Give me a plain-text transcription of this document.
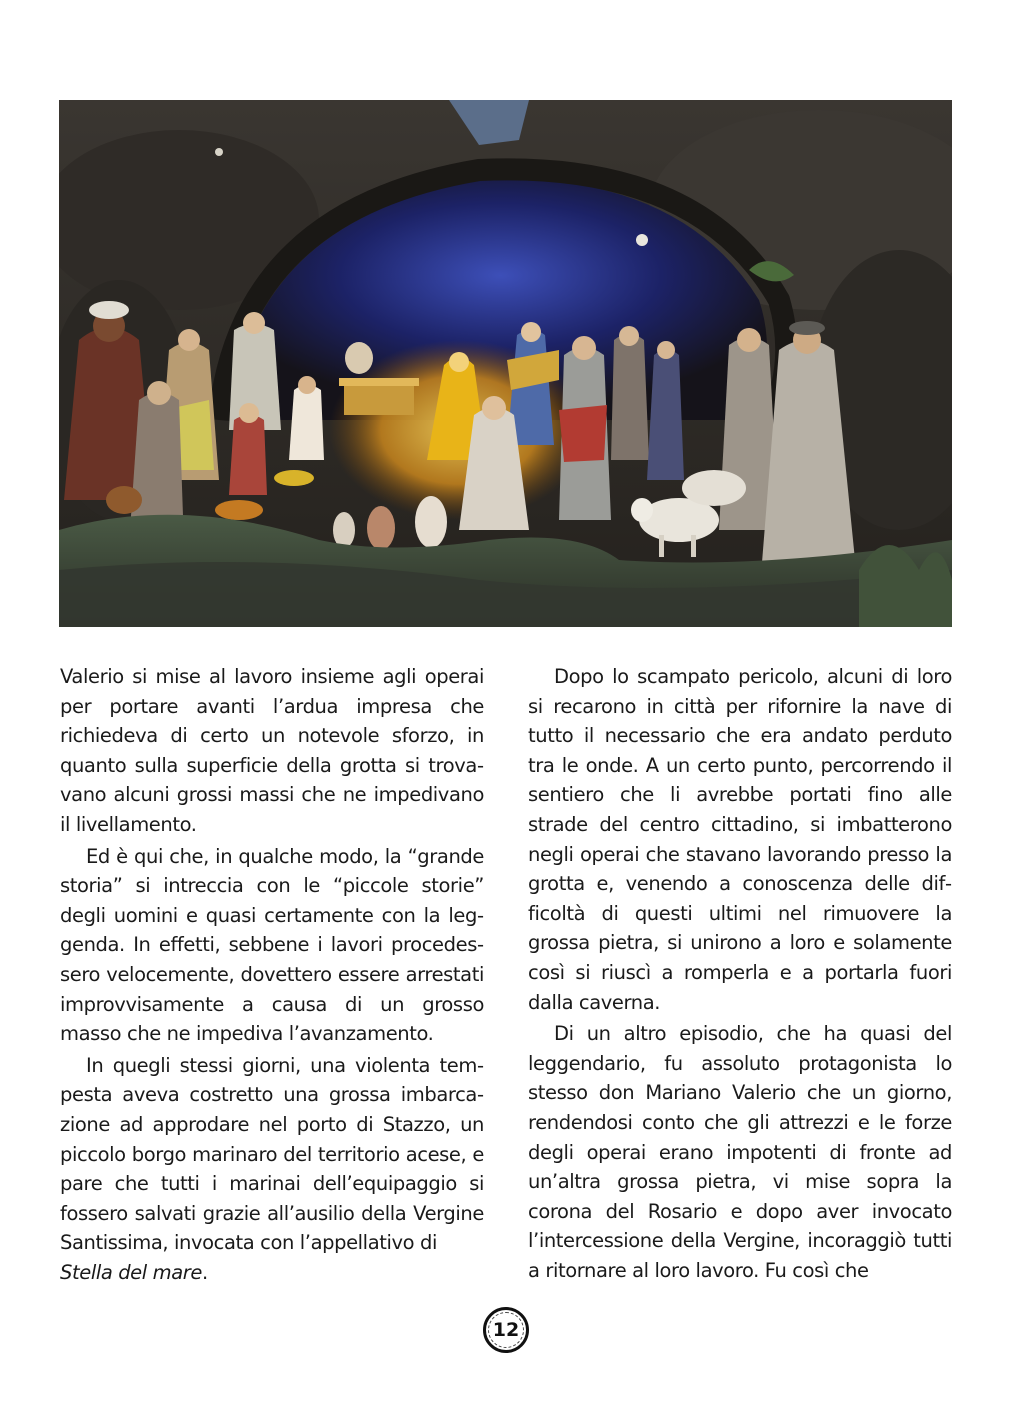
Valerio si mise al lavoro insieme agli operai per portare avanti l’ardua impresa che richiedeva di certo un notevole sforzo, in quanto sulla superficie della grotta si trovavano alcuni grossi massi che ne impedivano il livellamento.

Ed è qui che, in qualche modo, la “grande storia” si intreccia con le “piccole storie” degli uomini e quasi certamente con la leggenda. In effetti, sebbene i lavori procedessero velocemente, dovettero essere arrestati improvvisamente a causa di un grosso masso che ne impediva l’avanzamento.

In quegli stessi giorni, una violenta tempesta aveva costretto una grossa imbarcazione ad approdare nel porto di Stazzo, un piccolo borgo marinaro del territorio acese, e pare che tutti i marinai dell’equipaggio si fossero salvati grazie all’ausilio della Vergine Santissima, invocata con l’appellativo di
Stella del mare.

Dopo lo scampato pericolo, alcuni di loro si recarono in città per rifornire la nave di tutto il necessario che era andato perduto tra le onde. A un certo punto, percorrendo il sentiero che li avrebbe portati fino alle strade del centro cittadino, si imbatterono negli operai che stavano lavorando presso la grotta e, venendo a conoscenza delle difficoltà di questi ultimi nel rimuovere la grossa pietra, si unirono a loro e solamente così si riuscì a romperla e a portarla fuori dalla caverna.

Di un altro episodio, che ha quasi del leggendario, fu assoluto protagonista lo stesso don Mariano Valerio che un giorno, rendendosi conto che gli attrezzi e le forze degli operai erano impotenti di fronte ad un’altra grossa pietra, vi mise sopra la corona del Rosario e dopo aver invocato l’intercessione della Vergine, incoraggiò tutti a ritornare al loro lavoro. Fu così che

12
